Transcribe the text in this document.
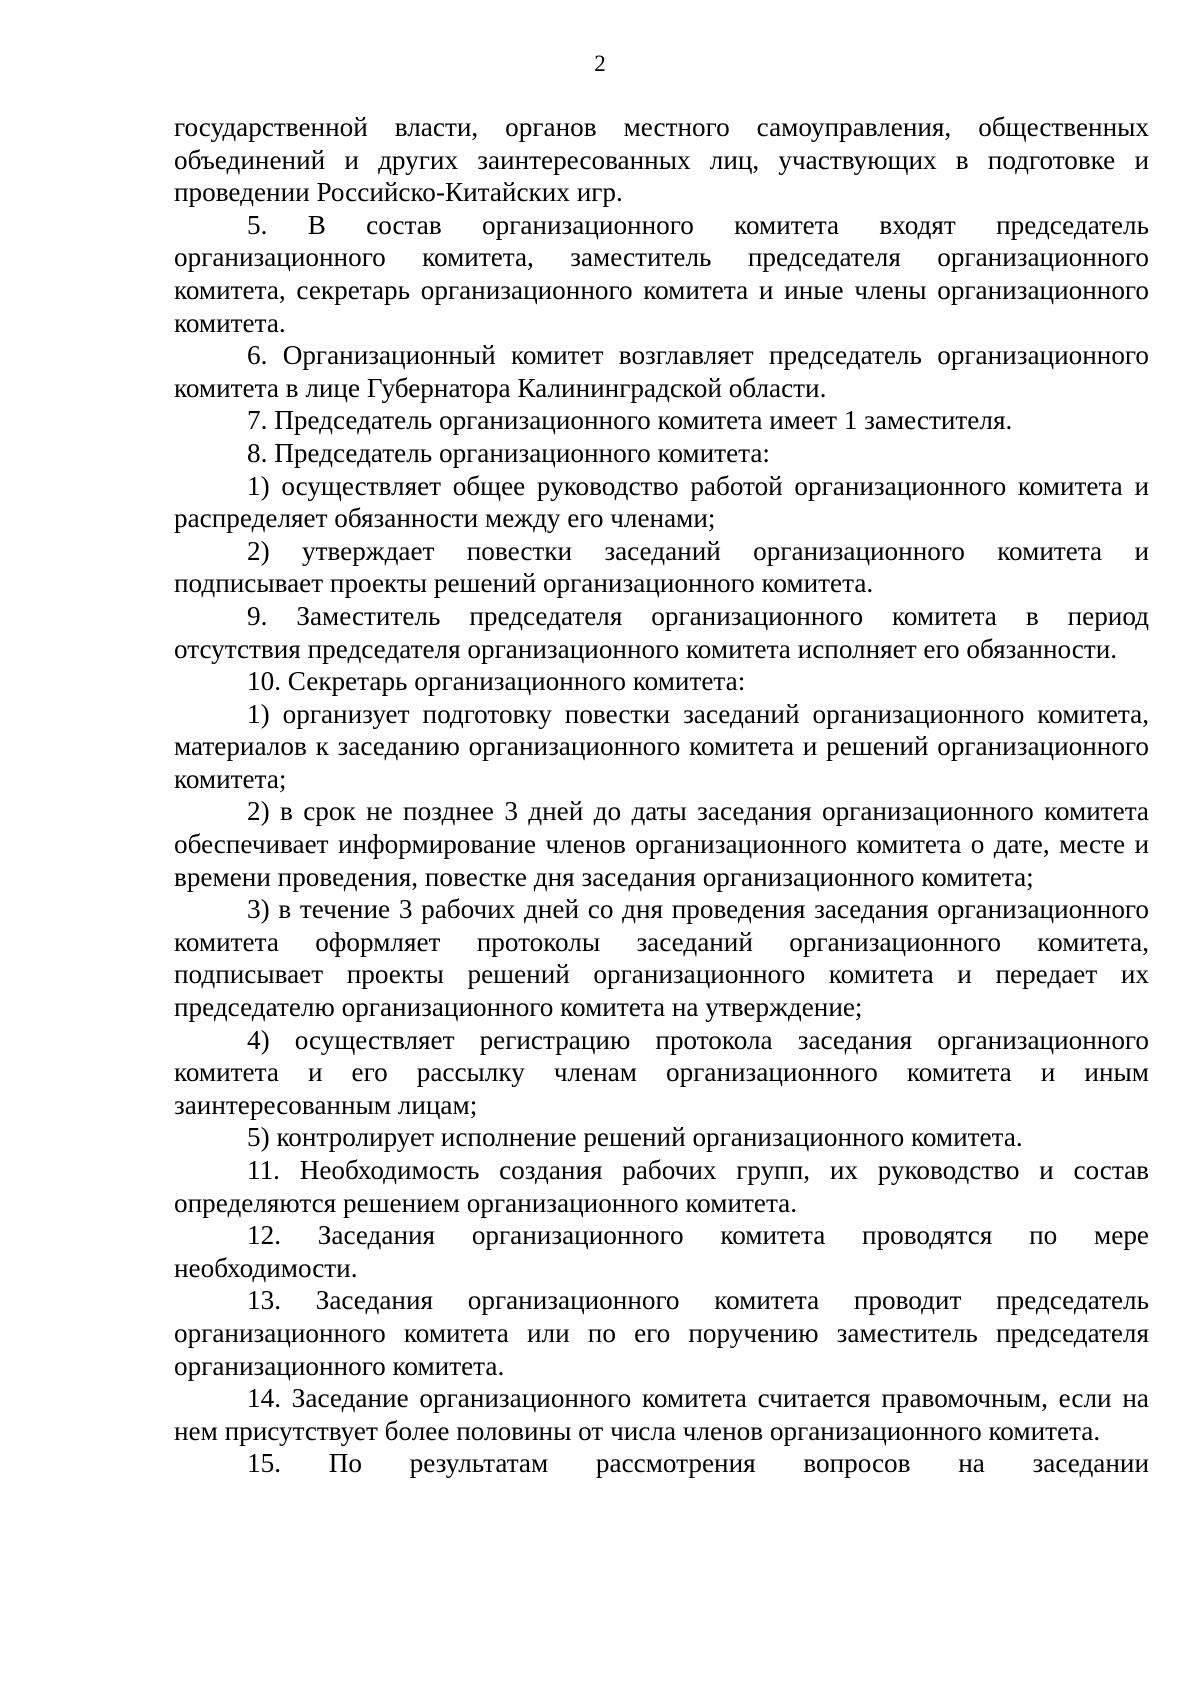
2

государственной власти, органов местного самоуправления, общественных объединений и других заинтересованных лиц, участвующих в подготовке и проведении Российско-Китайских игр.

5. В состав организационного комитета входят председатель организационного комитета, заместитель председателя организационного комитета, секретарь организационного комитета и иные члены организационного комитета.

6. Организационный комитет возглавляет председатель организационного комитета в лице Губернатора Калининградской области.

7. Председатель организационного комитета имеет 1 заместителя.

8. Председатель организационного комитета:

1) осуществляет общее руководство работой организационного комитета и распределяет обязанности между его членами;

2) утверждает повестки заседаний организационного комитета и подписывает проекты решений организационного комитета.

9. Заместитель председателя организационного комитета в период отсутствия председателя организационного комитета исполняет его обязанности.

10. Секретарь организационного комитета:

1) организует подготовку повестки заседаний организационного комитета, материалов к заседанию организационного комитета и решений организационного комитета;

2) в срок не позднее 3 дней до даты заседания организационного комитета обеспечивает информирование членов организационного комитета о дате, месте и времени проведения, повестке дня заседания организационного комитета;

3) в течение 3 рабочих дней со дня проведения заседания организационного комитета оформляет протоколы заседаний организационного комитета, подписывает проекты решений организационного комитета и передает их председателю организационного комитета на утверждение;

4) осуществляет регистрацию протокола заседания организационного комитета и его рассылку членам организационного комитета и иным заинтересованным лицам;

5) контролирует исполнение решений организационного комитета.

11. Необходимость создания рабочих групп, их руководство и состав определяются решением организационного комитета.

12. Заседания организационного комитета проводятся по мере необходимости.

13. Заседания организационного комитета проводит председатель организационного комитета или по его поручению заместитель председателя организационного комитета.

14. Заседание организационного комитета считается правомочным, если на нем присутствует более половины от числа членов организационного комитета.

15. По результатам рассмотрения вопросов на заседании
